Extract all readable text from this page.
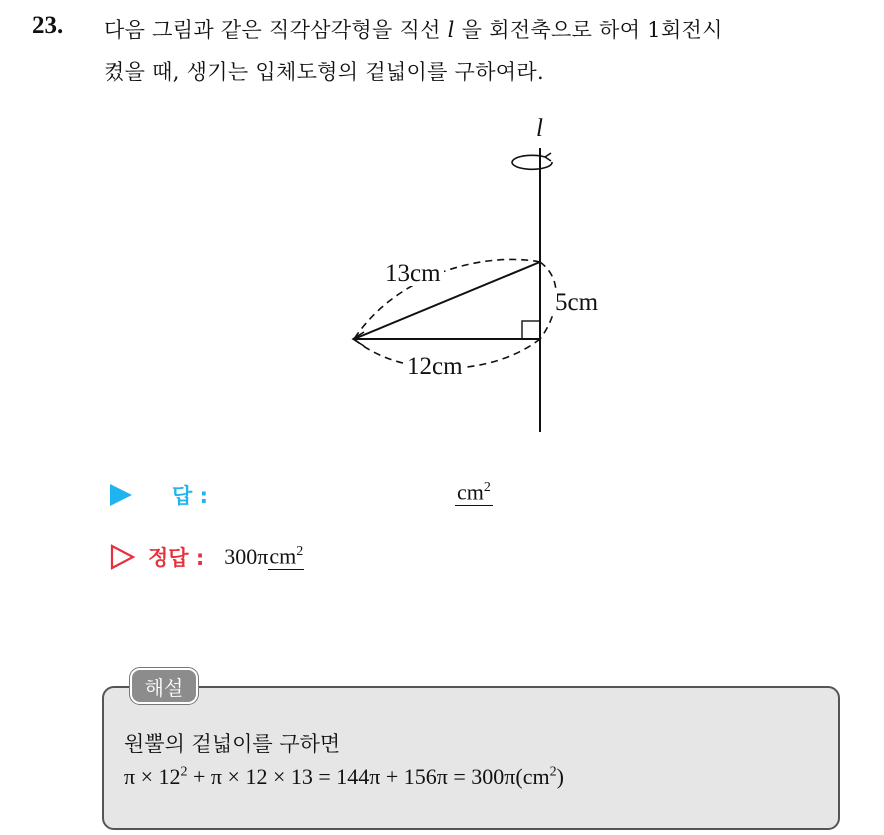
23. 다음 그림과 같은 직각삼각형을 직선 l 을 회전축으로 하여 1회전시
켰을 때, 생기는 입체도형의 겉넓이를 구하여라.
l
13cm
5cm
12cm
답 :	$cm^2$
정답 : 300π $cm^2$
해설
원뿔의 겉넓이를 구하면
$\pi \times 12^2 + \pi \times 12 \times 13 = 144\pi + 156\pi = 300\pi(cm^2)$
